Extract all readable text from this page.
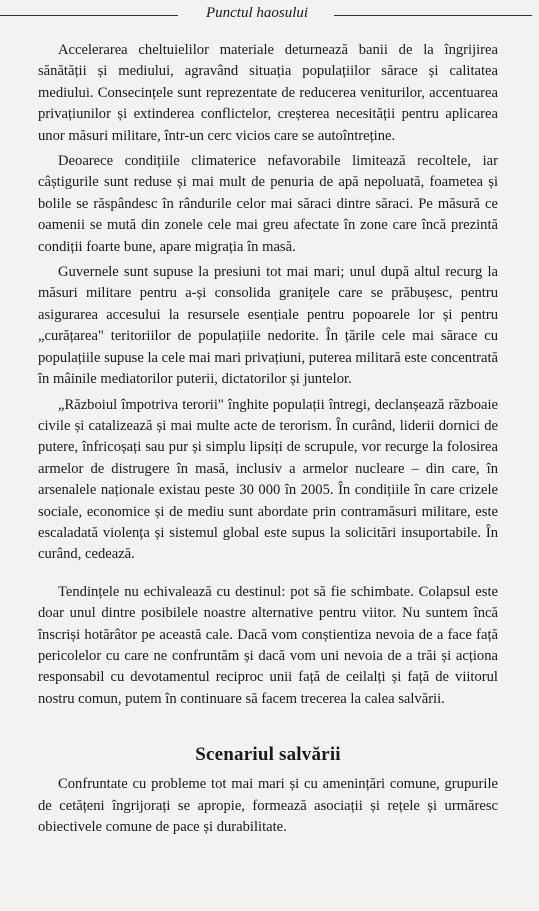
Punctul haosului

Accelerarea cheltuielilor materiale deturnează banii de la îngrijirea sănătății și mediului, agravând situația populațiilor sărace și calitatea mediului. Consecințele sunt reprezentate de reducerea veniturilor, accentuarea privațiunilor și extinderea conflictelor, creșterea necesității pentru aplicarea unor măsuri militare, într-un cerc vicios care se autoîntreține.

Deoarece condițiile climaterice nefavorabile limitează recoltele, iar câștigurile sunt reduse și mai mult de penuria de apă nepoluată, foametea și bolile se răspândesc în rândurile celor mai săraci dintre săraci. Pe măsură ce oamenii se mută din zonele cele mai greu afectate în zone care încă prezintă condiții foarte bune, apare migrația în masă.

Guvernele sunt supuse la presiuni tot mai mari; unul după altul recurg la măsuri militare pentru a-și consolida granițele care se prăbușesc, pentru asigurarea accesului la resursele esențiale pentru popoarele lor și pentru „curățarea" teritoriilor de populațiile nedorite. În țările cele mai sărace cu populațiile supuse la cele mai mari privațiuni, puterea militară este concentrată în mâinile mediatorilor puterii, dictatorilor și juntelor.

„Războiul împotriva terorii" înghite populații întregi, declanșează războaie civile și catalizează și mai multe acte de terorism. În curând, liderii dornici de putere, înfricoșați sau pur și simplu lipsiți de scrupule, vor recurge la folosirea armelor de distrugere în masă, inclusiv a armelor nucleare – din care, în arsenalele naționale existau peste 30 000 în 2005. În condițiile în care crizele sociale, economice și de mediu sunt abordate prin contramăsuri militare, este escaladată violența și sistemul global este supus la solicitări insuportabile. În curând, cedează.

Tendințele nu echivalează cu destinul: pot să fie schimbate. Colapsul este doar unul dintre posibilele noastre alternative pentru viitor. Nu suntem încă înscriși hotărâtor pe această cale. Dacă vom conștientiza nevoia de a face față pericolelor cu care ne confruntăm și dacă vom uni nevoia de a trăi și acționa responsabil cu devotamentul reciproc unii față de ceilalți și față de viitorul nostru comun, putem în continuare să facem trecerea la calea salvării.

Scenariul salvării

Confruntate cu probleme tot mai mari și cu amenințări comune, grupurile de cetățeni îngrijorați se apropie, formează asociații și rețele și urmăresc obiectivele comune de pace și durabilitate.
